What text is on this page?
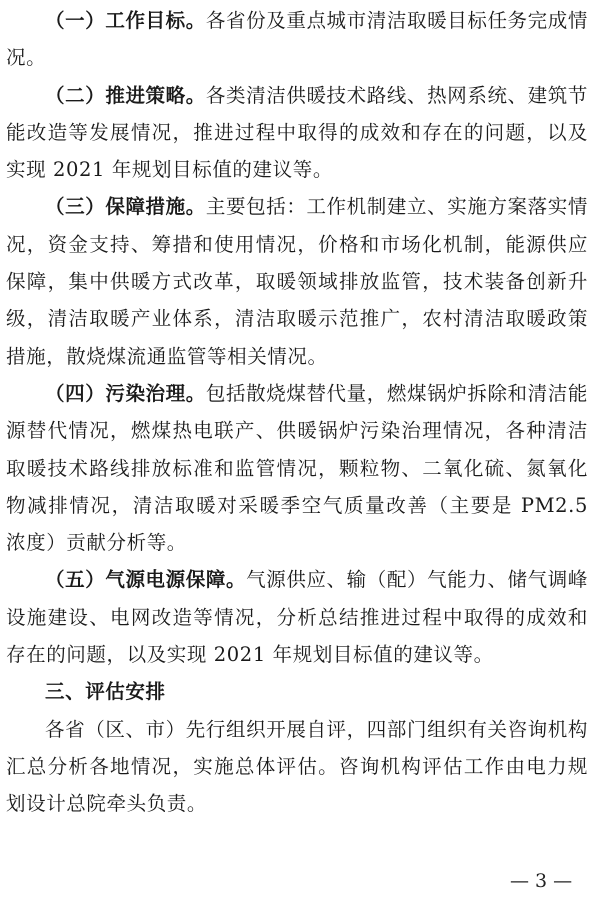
（一）工作目标。各省份及重点城市清洁取暖目标任务完成情况。

（二）推进策略。各类清洁供暖技术路线、热网系统、建筑节能改造等发展情况，推进过程中取得的成效和存在的问题，以及实现 2021 年规划目标值的建议等。

（三）保障措施。主要包括：工作机制建立、实施方案落实情况，资金支持、筹措和使用情况，价格和市场化机制，能源供应保障，集中供暖方式改革，取暖领域排放监管，技术装备创新升级，清洁取暖产业体系，清洁取暖示范推广，农村清洁取暖政策措施，散烧煤流通监管等相关情况。

（四）污染治理。包括散烧煤替代量，燃煤锅炉拆除和清洁能源替代情况，燃煤热电联产、供暖锅炉污染治理情况，各种清洁取暖技术路线排放标准和监管情况，颗粒物、二氧化硫、氮氧化物减排情况，清洁取暖对采暖季空气质量改善（主要是 PM2.5 浓度）贡献分析等。

（五）气源电源保障。气源供应、输（配）气能力、储气调峰设施建设、电网改造等情况，分析总结推进过程中取得的成效和存在的问题，以及实现 2021 年规划目标值的建议等。

三、评估安排

各省（区、市）先行组织开展自评，四部门组织有关咨询机构汇总分析各地情况，实施总体评估。咨询机构评估工作由电力规划设计总院牵头负责。

— 3 —
